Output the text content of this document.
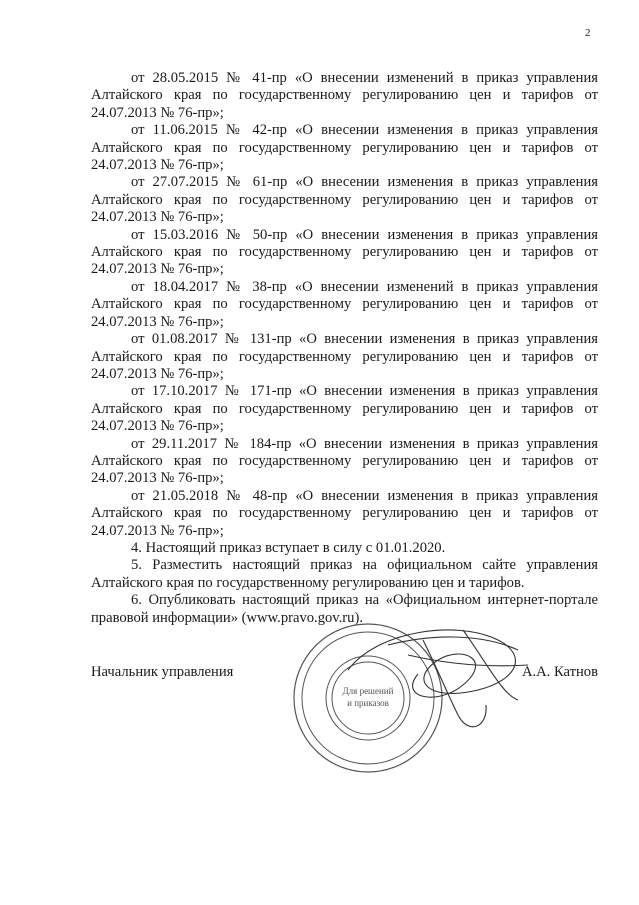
2

от 28.05.2015 № 41-пр «О внесении изменений в приказ управления Алтайского края по государственному регулированию цен и тарифов от 24.07.2013 № 76-пр»;

от 11.06.2015 № 42-пр «О внесении изменения в приказ управления Алтайского края по государственному регулированию цен и тарифов от 24.07.2013 № 76-пр»;

от 27.07.2015 № 61-пр «О внесении изменения в приказ управления Алтайского края по государственному регулированию цен и тарифов от 24.07.2013 № 76-пр»;

от 15.03.2016 № 50-пр «О внесении изменения в приказ управления Алтайского края по государственному регулированию цен и тарифов от 24.07.2013 № 76-пр»;

от 18.04.2017 № 38-пр «О внесении изменений в приказ управления Алтайского края по государственному регулированию цен и тарифов от 24.07.2013 № 76-пр»;

от 01.08.2017 № 131-пр «О внесении изменения в приказ управления Алтайского края по государственному регулированию цен и тарифов от 24.07.2013 № 76-пр»;

от 17.10.2017 № 171-пр «О внесении изменения в приказ управления Алтайского края по государственному регулированию цен и тарифов от 24.07.2013 № 76-пр»;

от 29.11.2017 № 184-пр «О внесении изменения в приказ управления Алтайского края по государственному регулированию цен и тарифов от 24.07.2013 № 76-пр»;

от 21.05.2018 № 48-пр «О внесении изменения в приказ управления Алтайского края по государственному регулированию цен и тарифов от 24.07.2013 № 76-пр»;

4. Настоящий приказ вступает в силу с 01.01.2020.

5. Разместить настоящий приказ на официальном сайте управления Алтайского края по государственному регулированию цен и тарифов.

6. Опубликовать настоящий приказ на «Официальном интернет-портале правовой информации» (www.pravo.gov.ru).

Начальник управления	А.А. Катнов
Для решений
и приказов
